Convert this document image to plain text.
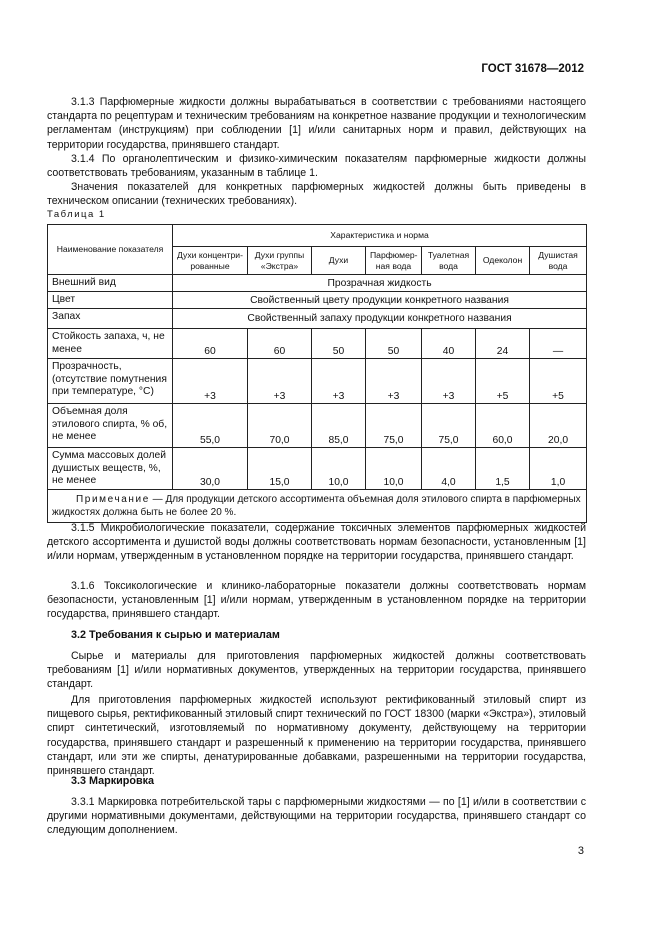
ГОСТ 31678—2012

3.1.3 Парфюмерные жидкости должны вырабатываться в соответствии с требованиями настоящего стандарта по рецептурам и техническим требованиям на конкретное название продукции и технологическим регламентам (инструкциям) при соблюдении [1] и/или санитарных норм и правил, действующих на территории государства, принявшего стандарт.

3.1.4 По органолептическим и физико-химическим показателям парфюмерные жидкости должны соответствовать требованиям, указанным в таблице 1.

Значения показателей для конкретных парфюмерных жидкостей должны быть приведены в техническом описании (технических требованиях).

Таблица 1
Наименование показателя	Характеристика и норма						
	Духи концентри-рованные	Духи группы «Экстра»	Духи	Парфюмер-ная вода	Туалетная вода	Одеколон	Душистая вода
Внешний вид	Прозрачная жидкость						
Цвет	Свойственный цвету продукции конкретного названия						
Запах	Свойственный запаху продукции конкретного названия						
Стойкость запаха, ч, не менее	60	60	50	50	40	24	—
Прозрачность, (отсутствие помутнения при температуре, °С)	+3	+3	+3	+3	+3	+5	+5
Объемная доля этилового спирта, % об, не менее	55,0	70,0	85,0	75,0	75,0	60,0	20,0
Сумма массовых долей душистых веществ, %, не менее	30,0	15,0	10,0	10,0	4,0	1,5	1,0
Примечание — Для продукции детского ассортимента объемная доля этилового спирта в парфюмерных жидкостях должна быть не более 20 %.							

3.1.5 Микробиологические показатели, содержание токсичных элементов парфюмерных жидкостей детского ассортимента и душистой воды должны соответствовать нормам безопасности, установленным [1] и/или нормам, утвержденным в установленном порядке на территории государства, принявшего стандарт.

3.1.6 Токсикологические и клинико-лабораторные показатели должны соответствовать нормам безопасности, установленным [1] и/или нормам, утвержденным в установленном порядке на территории государства, принявшего стандарт.

3.2 Требования к сырью и материалам

Сырье и материалы для приготовления парфюмерных жидкостей должны соответствовать требованиям [1] и/или нормативных документов, утвержденных на территории государства, принявшего стандарт.

Для приготовления парфюмерных жидкостей используют ректификованный этиловый спирт из пищевого сырья, ректификованный этиловый спирт технический по ГОСТ 18300 (марки «Экстра»), этиловый спирт синтетический, изготовляемый по нормативному документу, действующему на территории государства, принявшего стандарт и разрешенный к применению на территории государства, принявшего стандарт, или эти же спирты, денатурированные добавками, разрешенными на территории государства, принявшего стандарт.

3.3 Маркировка

3.3.1 Маркировка потребительской тары с парфюмерными жидкостями — по [1] и/или в соответствии с другими нормативными документами, действующими на территории государства, принявшего стандарт со следующим дополнением.

3
